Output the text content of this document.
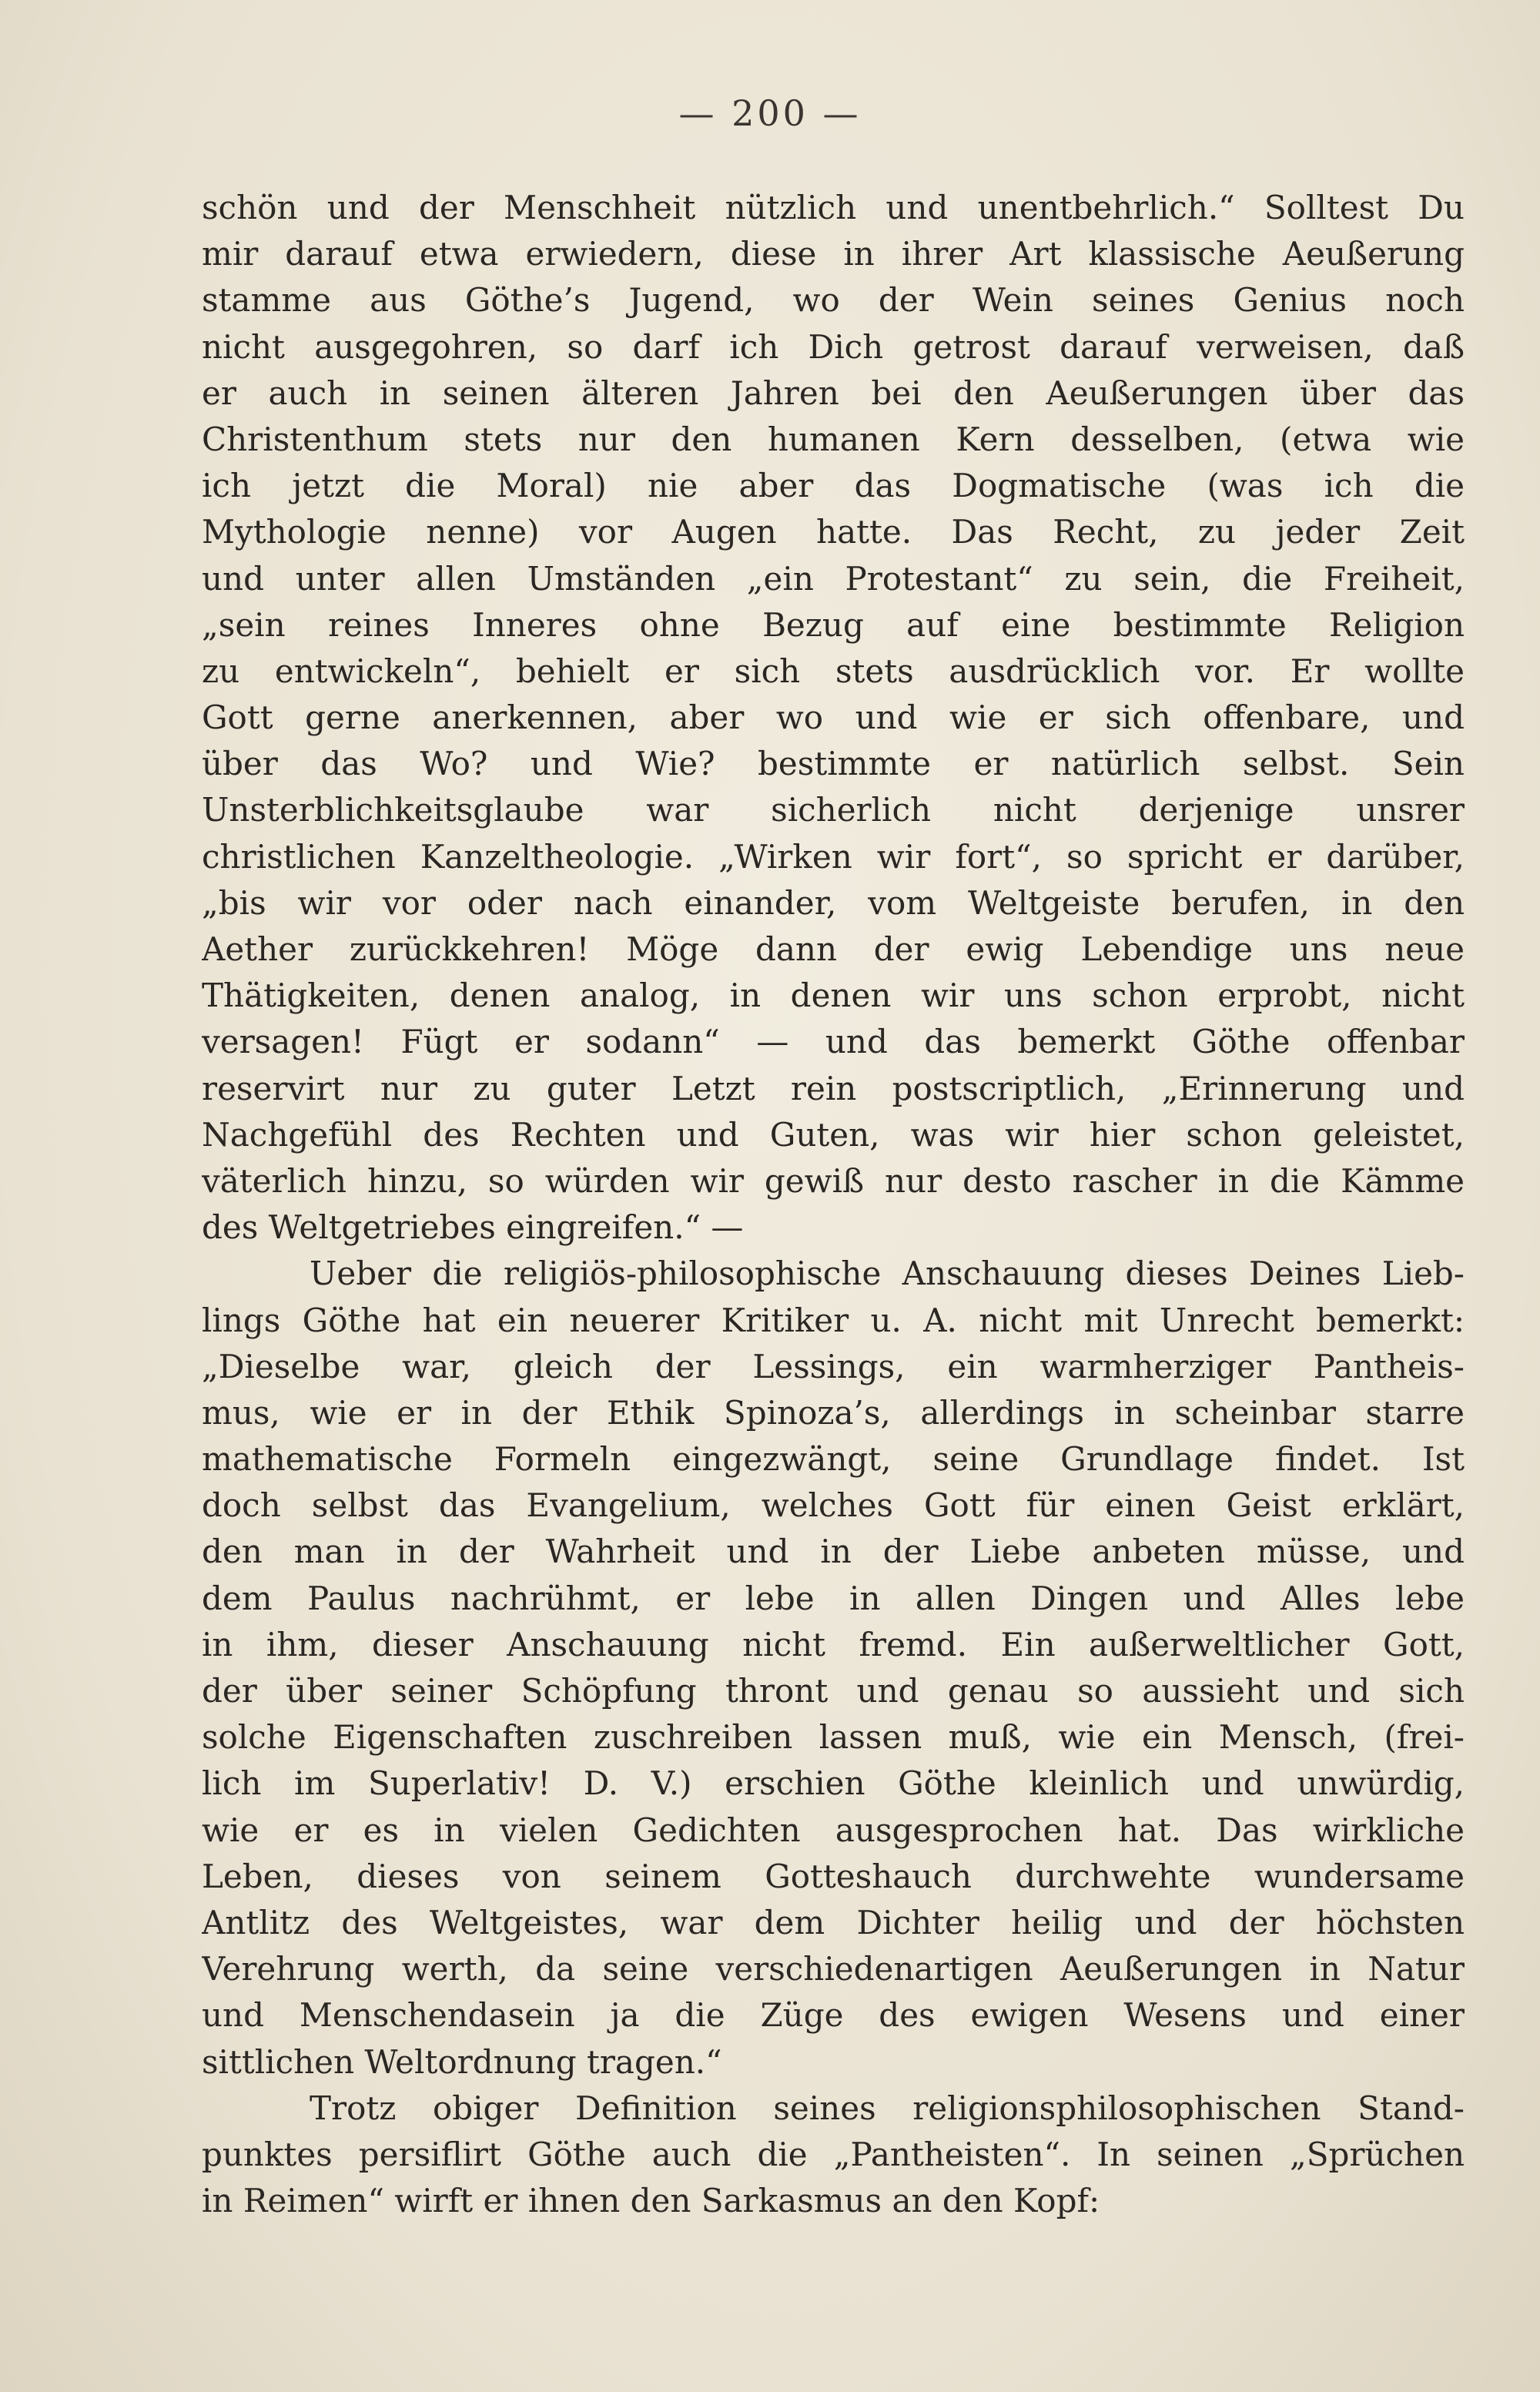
— 200 —
schön und der Menschheit nützlich und unentbehrlich.“ Solltest Du
mir darauf etwa erwiedern, diese in ihrer Art klassische Aeußerung
stamme aus Göthe’s Jugend, wo der Wein seines Genius noch
nicht ausgegohren, so darf ich Dich getrost darauf verweisen, daß
er auch in seinen älteren Jahren bei den Aeußerungen über das
Christenthum stets nur den humanen Kern desselben, (etwa wie
ich jetzt die Moral) nie aber das Dogmatische (was ich die
Mythologie nenne) vor Augen hatte. Das Recht, zu jeder Zeit
und unter allen Umständen „ein Protestant“ zu sein, die Freiheit,
„sein reines Inneres ohne Bezug auf eine bestimmte Religion
zu entwickeln“, behielt er sich stets ausdrücklich vor. Er wollte
Gott gerne anerkennen, aber wo und wie er sich offenbare, und
über das Wo? und Wie? bestimmte er natürlich selbst. Sein
Unsterblichkeitsglaube war sicherlich nicht derjenige unsrer
christlichen Kanzeltheologie. „Wirken wir fort“, so spricht er darüber,
„bis wir vor oder nach einander, vom Weltgeiste berufen, in den
Aether zurückkehren! Möge dann der ewig Lebendige uns neue
Thätigkeiten, denen analog, in denen wir uns schon erprobt, nicht
versagen! Fügt er sodann“ — und das bemerkt Göthe offenbar
reservirt nur zu guter Letzt rein postscriptlich, „Erinnerung und
Nachgefühl des Rechten und Guten, was wir hier schon geleistet,
väterlich hinzu, so würden wir gewiß nur desto rascher in die Kämme
des Weltgetriebes eingreifen.“ —
Ueber die religiös-philosophische Anschauung dieses Deines Lieb-
lings Göthe hat ein neuerer Kritiker u. A. nicht mit Unrecht bemerkt:
„Dieselbe war, gleich der Lessings, ein warmherziger Pantheis-
mus, wie er in der Ethik Spinoza’s, allerdings in scheinbar starre
mathematische Formeln eingezwängt, seine Grundlage findet. Ist
doch selbst das Evangelium, welches Gott für einen Geist erklärt,
den man in der Wahrheit und in der Liebe anbeten müsse, und
dem Paulus nachrühmt, er lebe in allen Dingen und Alles lebe
in ihm, dieser Anschauung nicht fremd. Ein außerweltlicher Gott,
der über seiner Schöpfung thront und genau so aussieht und sich
solche Eigenschaften zuschreiben lassen muß, wie ein Mensch, (frei-
lich im Superlativ! D. V.) erschien Göthe kleinlich und unwürdig,
wie er es in vielen Gedichten ausgesprochen hat. Das wirkliche
Leben, dieses von seinem Gotteshauch durchwehte wundersame
Antlitz des Weltgeistes, war dem Dichter heilig und der höchsten
Verehrung werth, da seine verschiedenartigen Aeußerungen in Natur
und Menschendasein ja die Züge des ewigen Wesens und einer
sittlichen Weltordnung tragen.“
Trotz obiger Definition seines religionsphilosophischen Stand-
punktes persiflirt Göthe auch die „Pantheisten“. In seinen „Sprüchen
in Reimen“ wirft er ihnen den Sarkasmus an den Kopf:
